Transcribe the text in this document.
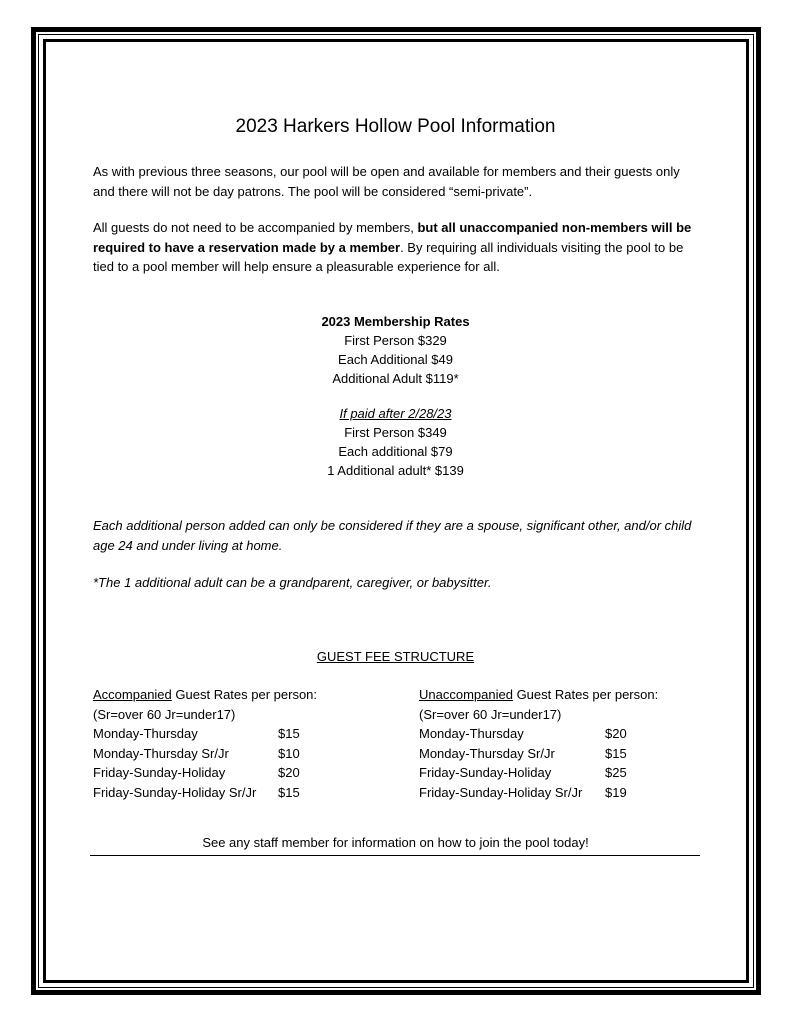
2023 Harkers Hollow Pool Information

As with previous three seasons, our pool will be open and available for members and their guests only and there will not be day patrons. The pool will be considered “semi-private”.

All guests do not need to be accompanied by members, but all unaccompanied non-members will be required to have a reservation made by a member. By requiring all individuals visiting the pool to be tied to a pool member will help ensure a pleasurable experience for all.

2023 Membership Rates
First Person $329
Each Additional $49
Additional Adult $119*
If paid after 2/28/23
First Person $349
Each additional $79
1 Additional adult* $139

Each additional person added can only be considered if they are a spouse, significant other, and/or child age 24 and under living at home.

*The 1 additional adult can be a grandparent, caregiver, or babysitter.

GUEST FEE STRUCTURE
Accompanied Guest Rates per person:
(Sr=over 60 Jr=under17)
Monday-Thursday	$15
Monday-Thursday Sr/Jr	$10
Friday-Sunday-Holiday	$20
Friday-Sunday-Holiday Sr/Jr	$15
Unaccompanied Guest Rates per person:
(Sr=over 60 Jr=under17)
Monday-Thursday	$20
Monday-Thursday Sr/Jr	$15
Friday-Sunday-Holiday	$25
Friday-Sunday-Holiday Sr/Jr	$19
See any staff member for information on how to join the pool today!
